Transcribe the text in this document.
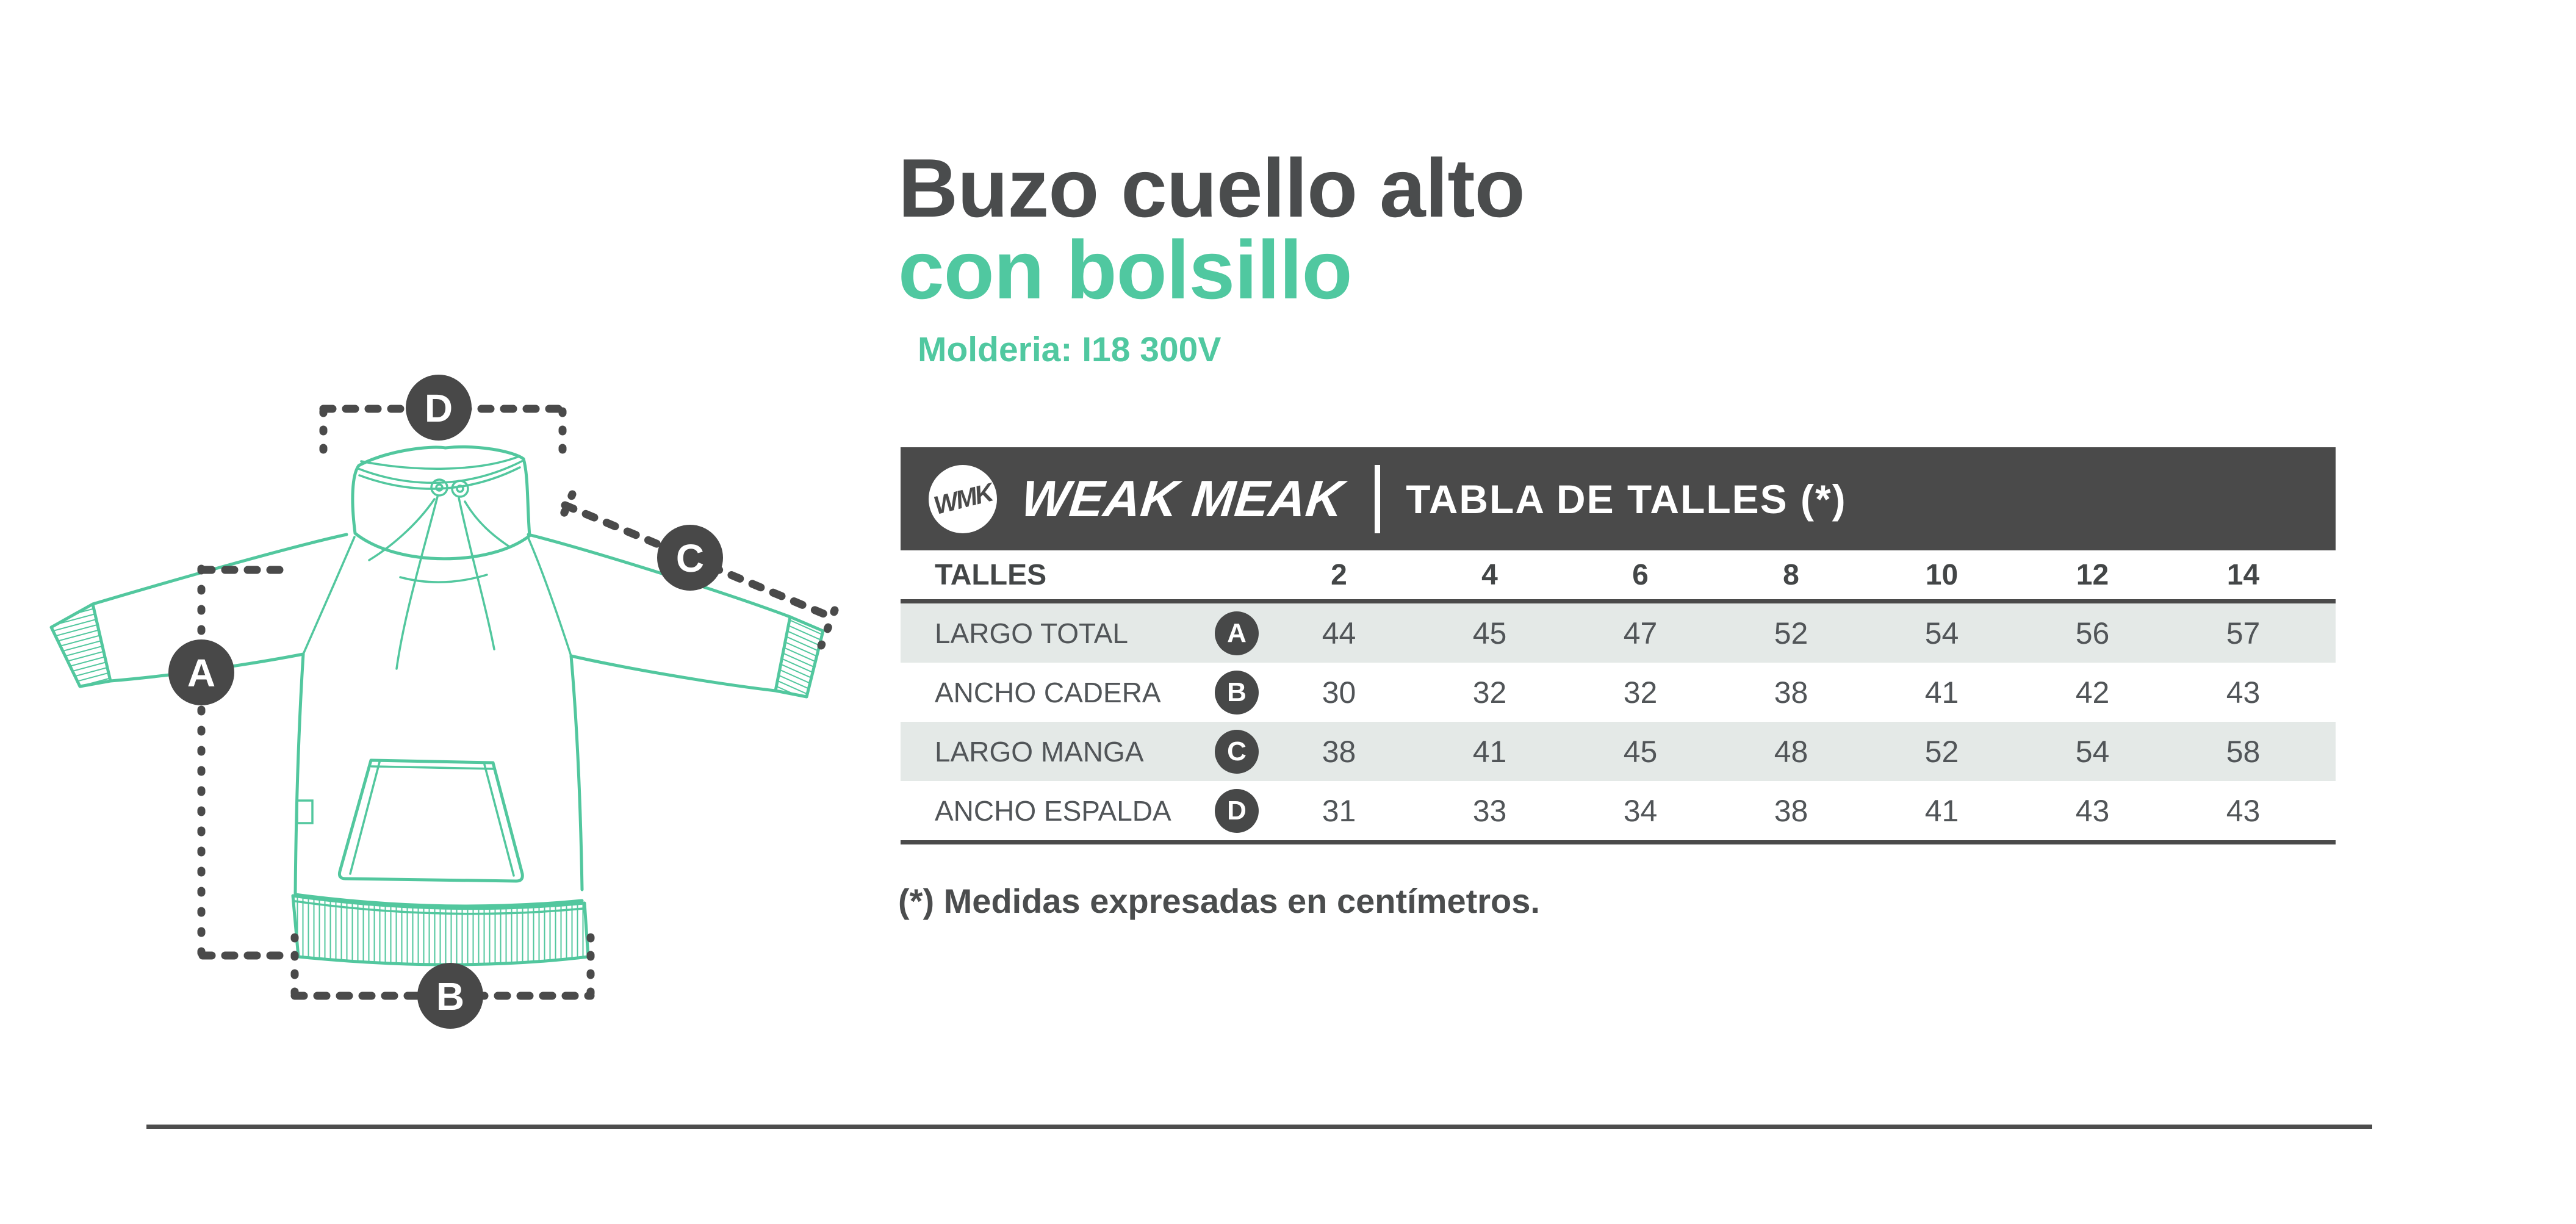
D
A
B
C
Buzo cuello alto
con bolsillo
Molderia: I18 300V
WMK WEAK MEAK TABLA DE TALLES (*)
TALLES	2	4	6	8	10	12	14
LARGO TOTAL	A	44	45	47	52	54	56	57
ANCHO CADERA	B	30	32	32	38	41	42	43
LARGO MANGA	C	38	41	45	48	52	54	58
ANCHO ESPALDA	D	31	33	34	38	41	43	43
(*) Medidas expresadas en centímetros.
